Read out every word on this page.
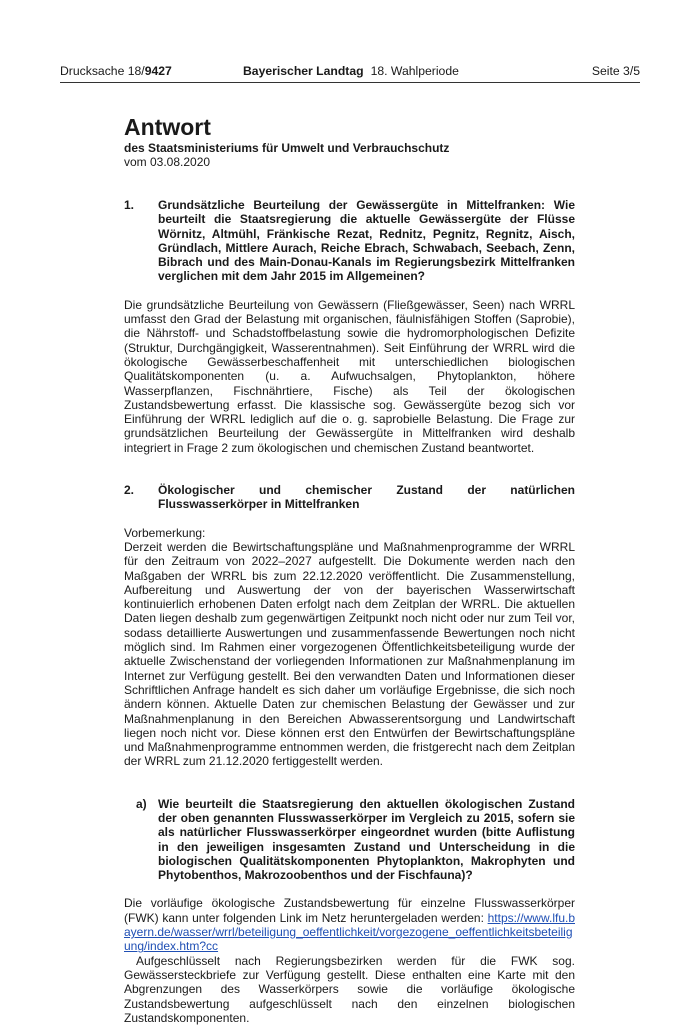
Drucksache 18/9427	Bayerischer Landtag 18. Wahlperiode	Seite 3/5
Antwort
des Staatsministeriums für Umwelt und Verbrauchschutz
vom 03.08.2020
1.	Grundsätzliche Beurteilung der Gewässergüte in Mittelfranken: Wie beurteilt die Staatsregierung die aktuelle Gewässergüte der Flüsse Wörnitz, Altmühl, Fränkische Rezat, Rednitz, Pegnitz, Regnitz, Aisch, Gründlach, Mittlere Aurach, Reiche Ebrach, Schwabach, Seebach, Zenn, Bibrach und des Main-Donau-Kanals im Regierungsbezirk Mittelfranken verglichen mit dem Jahr 2015 im Allgemeinen?

Die grundsätzliche Beurteilung von Gewässern (Fließgewässer, Seen) nach WRRL umfasst den Grad der Belastung mit organischen, fäulnisfähigen Stoffen (Saprobie), die Nährstoff- und Schadstoffbelastung sowie die hydromorphologischen Defizite (Struktur, Durchgängigkeit, Wasserentnahmen). Seit Einführung der WRRL wird die ökologische Gewässerbeschaffenheit mit unterschiedlichen biologischen Qualitätskomponenten (u. a. Aufwuchsalgen, Phytoplankton, höhere Wasserpflanzen, Fischnährtiere, Fische) als Teil der ökologischen Zustandsbewertung erfasst. Die klassische sog. Gewässergüte bezog sich vor Einführung der WRRL lediglich auf die o. g. saprobielle Belastung. Die Frage zur grundsätzlichen Beurteilung der Gewässergüte in Mittelfranken wird deshalb integriert in Frage 2 zum ökologischen und chemischen Zustand beantwortet.

2.	Ökologischer und chemischer Zustand der natürlichen Flusswasserkörper in Mittelfranken

Vorbemerkung:

Derzeit werden die Bewirtschaftungspläne und Maßnahmenprogramme der WRRL für den Zeitraum von 2022–2027 aufgestellt. Die Dokumente werden nach den Maßgaben der WRRL bis zum 22.12.2020 veröffentlicht. Die Zusammenstellung, Aufbereitung und Auswertung der von der bayerischen Wasserwirtschaft kontinuierlich erhobenen Daten erfolgt nach dem Zeitplan der WRRL. Die aktuellen Daten liegen deshalb zum gegenwärtigen Zeitpunkt noch nicht oder nur zum Teil vor, sodass detaillierte Auswertungen und zusammenfassende Bewertungen noch nicht möglich sind. Im Rahmen einer vorgezogenen Öffentlichkeitsbeteiligung wurde der aktuelle Zwischenstand der vorliegenden Informationen zur Maßnahmenplanung im Internet zur Verfügung gestellt. Bei den verwandten Daten und Informationen dieser Schriftlichen Anfrage handelt es sich daher um vorläufige Ergebnisse, die sich noch ändern können. Aktuelle Daten zur chemischen Belastung der Gewässer und zur Maßnahmenplanung in den Bereichen Abwasserentsorgung und Landwirtschaft liegen noch nicht vor. Diese können erst den Entwürfen der Bewirtschaftungspläne und Maßnahmenprogramme entnommen werden, die fristgerecht nach dem Zeitplan der WRRL zum 21.12.2020 fertiggestellt werden.

a) Wie beurteilt die Staatsregierung den aktuellen ökologischen Zustand der oben genannten Flusswasserkörper im Vergleich zu 2015, sofern sie als natürlicher Flusswasserkörper eingeordnet wurden (bitte Auflistung in den jeweiligen insgesamten Zustand und Unterscheidung in die biologischen Qualitätskomponenten Phytoplankton, Makrophyten und Phytobenthos, Makrozoobenthos und der Fischfauna)?

Die vorläufige ökologische Zustandsbewertung für einzelne Flusswasserkörper (FWK) kann unter folgenden Link im Netz heruntergeladen werden: https://www.lfu.bayern.de/wasser/wrrl/beteiligung_oeffentlichkeit/vorgezogene_oeffentlichkeitsbeteiligung/index.htm?cc

Aufgeschlüsselt nach Regierungsbezirken werden für die FWK sog. Gewässersteckbriefe zur Verfügung gestellt. Diese enthalten eine Karte mit den Abgrenzungen des Wasserkörpers sowie die vorläufige ökologische Zustandsbewertung aufgeschlüsselt nach den einzelnen biologischen Zustandskomponenten.
